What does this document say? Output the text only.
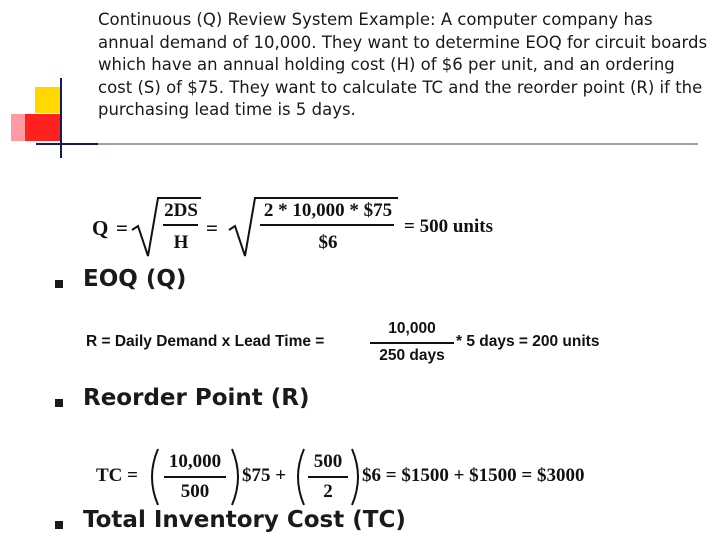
Continuous (Q) Review System Example: A computer company has annual demand of 10,000. They want to determine EOQ for circuit boards which have an annual holding cost (H) of $6 per unit, and an ordering cost (S) of $75. They want to calculate TC and the reorder point (R) if the purchasing lead time is 5 days.
Q =
2DS
H
=
2 * 10,000 * $75
$6
= 500 units
EOQ (Q)
R = Daily Demand x Lead Time =
10,000
250 days
* 5 days = 200 units
Reorder Point (R)
TC =
10,000
500
$75 +
500
2
$6 = $1500 + $1500 = $3000
Total Inventory Cost (TC)
